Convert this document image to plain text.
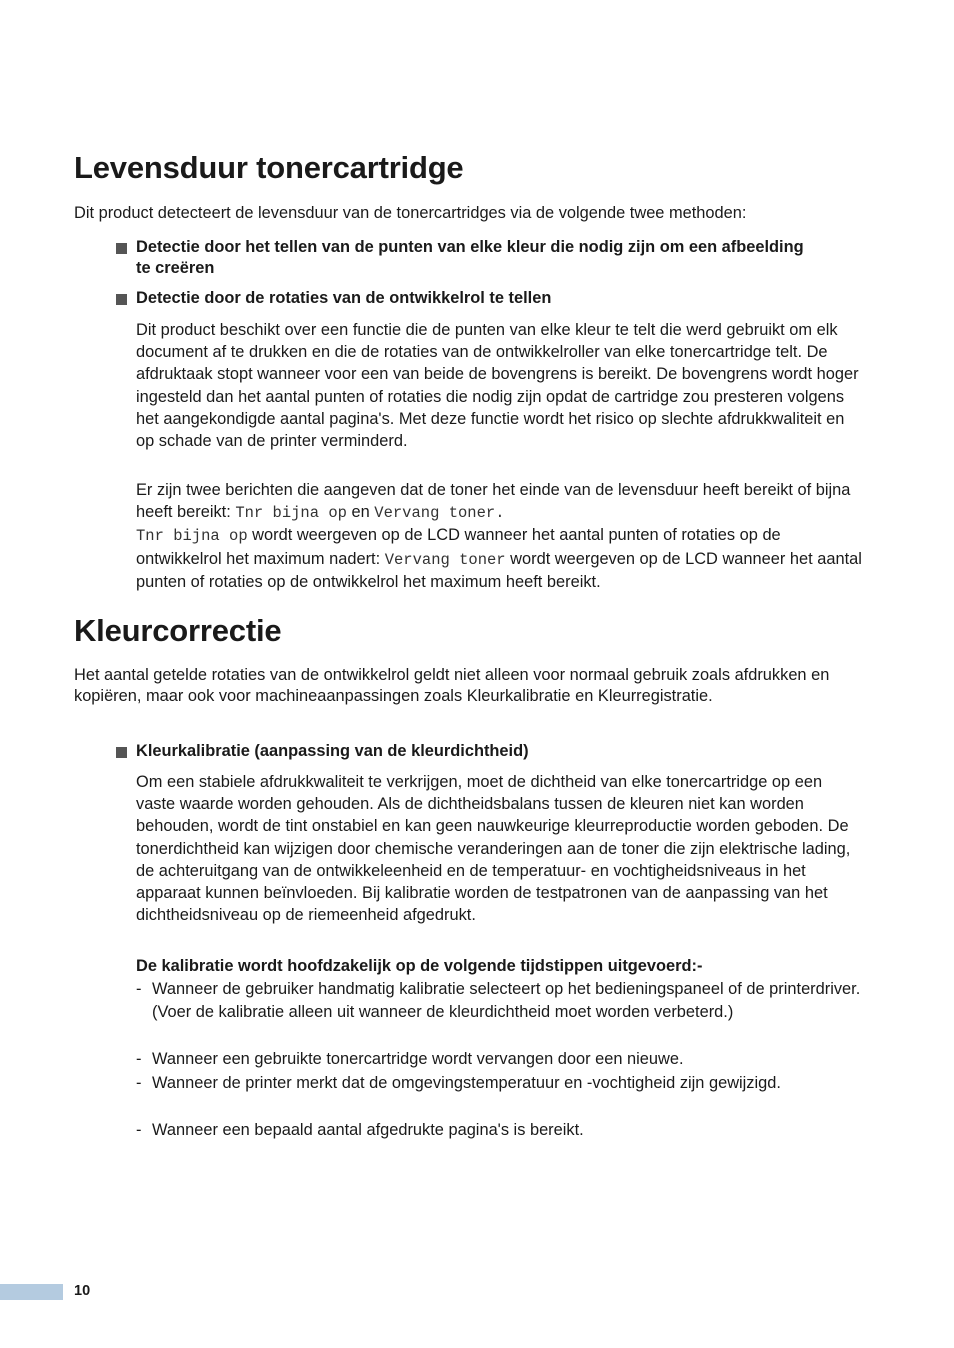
Levensduur tonercartridge

Dit product detecteert de levensduur van de tonercartridges via de volgende twee methoden:

Detectie door het tellen van de punten van elke kleur die nodig zijn om een afbeelding te creëren
Detectie door de rotaties van de ontwikkelrol te tellen

Dit product beschikt over een functie die de punten van elke kleur te telt die werd gebruikt om elk document af te drukken en die de rotaties van de ontwikkelroller van elke tonercartridge telt. De afdruktaak stopt wanneer voor een van beide de bovengrens is bereikt. De bovengrens wordt hoger ingesteld dan het aantal punten of rotaties die nodig zijn opdat de cartridge zou presteren volgens het aangekondigde aantal pagina's. Met deze functie wordt het risico op slechte afdrukkwaliteit en op schade van de printer verminderd.

Er zijn twee berichten die aangeven dat de toner het einde van de levensduur heeft bereikt of bijna heeft bereikt: Tnr bijna op en Vervang toner.
Tnr bijna op wordt weergeven op de LCD wanneer het aantal punten of rotaties op de ontwikkelrol het maximum nadert: Vervang toner wordt weergeven op de LCD wanneer het aantal punten of rotaties op de ontwikkelrol het maximum heeft bereikt.

Kleurcorrectie

Het aantal getelde rotaties van de ontwikkelrol geldt niet alleen voor normaal gebruik zoals afdrukken en kopiëren, maar ook voor machineaanpassingen zoals Kleurkalibratie en Kleurregistratie.

Kleurkalibratie (aanpassing van de kleurdichtheid)

Om een stabiele afdrukkwaliteit te verkrijgen, moet de dichtheid van elke tonercartridge op een vaste waarde worden gehouden. Als de dichtheidsbalans tussen de kleuren niet kan worden behouden, wordt de tint onstabiel en kan geen nauwkeurige kleurreproductie worden geboden. De tonerdichtheid kan wijzigen door chemische veranderingen aan de toner die zijn elektrische lading, de achteruitgang van de ontwikkeleenheid en de temperatuur- en vochtigheidsniveaus in het apparaat kunnen beïnvloeden. Bij kalibratie worden de testpatronen van de aanpassing van het dichtheidsniveau op de riemeenheid afgedrukt.

De kalibratie wordt hoofdzakelijk op de volgende tijdstippen uitgevoerd:-

- Wanneer de gebruiker handmatig kalibratie selecteert op het bedieningspaneel of de printerdriver.
(Voer de kalibratie alleen uit wanneer de kleurdichtheid moet worden verbeterd.)
- Wanneer een gebruikte tonercartridge wordt vervangen door een nieuwe.
- Wanneer de printer merkt dat de omgevingstemperatuur en -vochtigheid zijn gewijzigd.
- Wanneer een bepaald aantal afgedrukte pagina's is bereikt.
10
